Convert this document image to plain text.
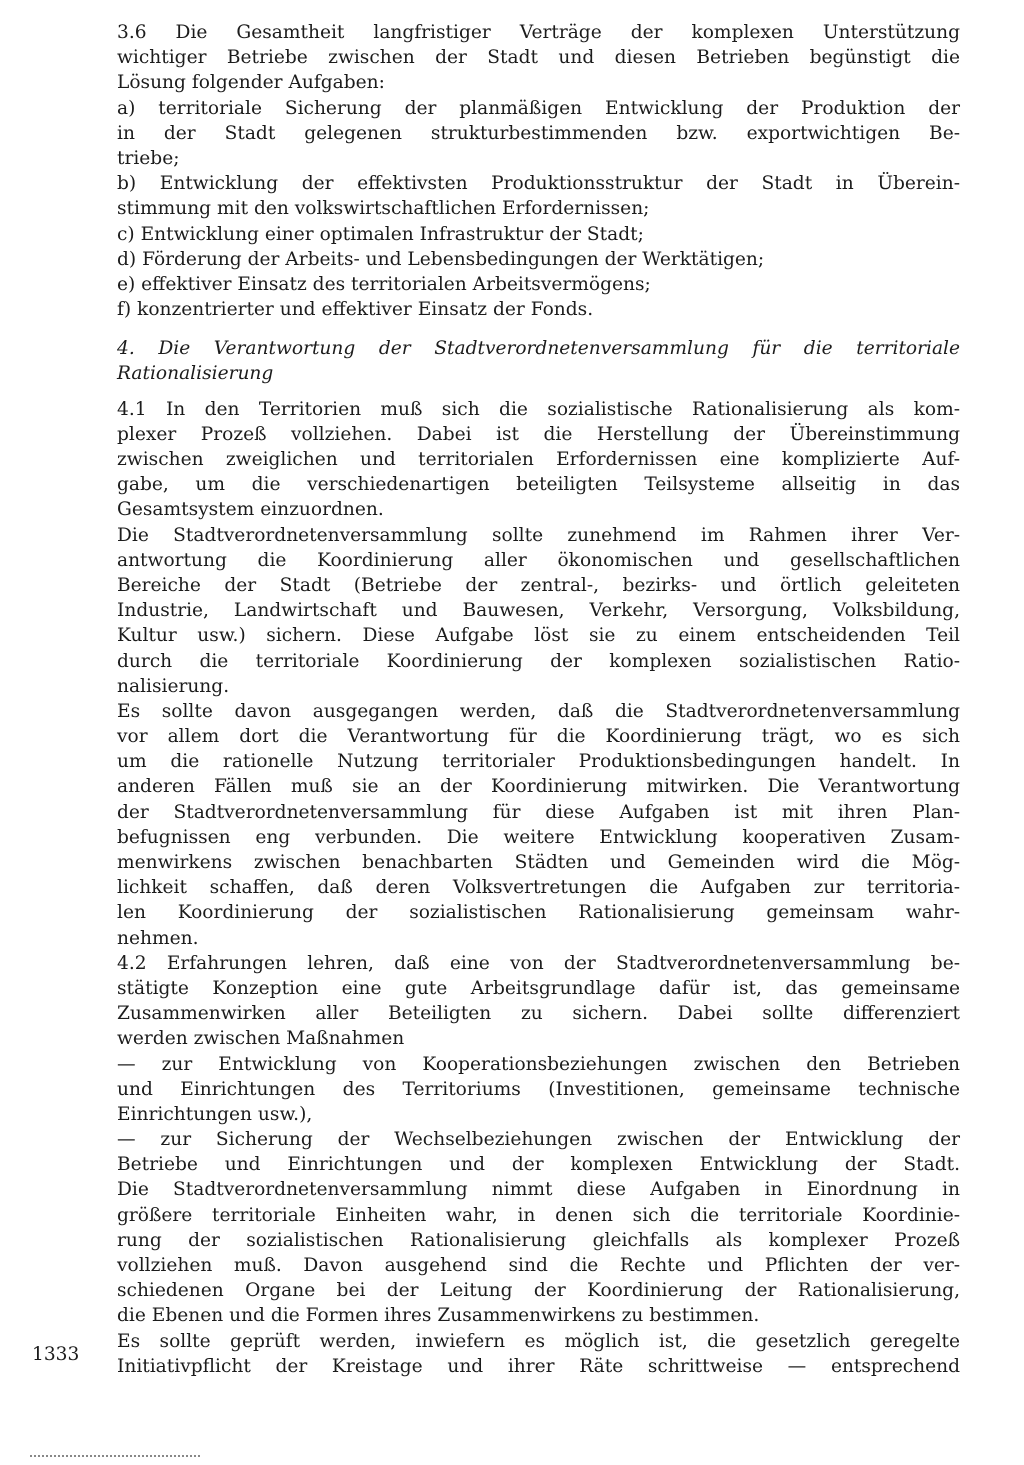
3.6 Die Gesamtheit langfristiger Verträge der komplexen Unterstützung
wichtiger Betriebe zwischen der Stadt und diesen Betrieben begünstigt die
Lösung folgender Aufgaben:
a) territoriale Sicherung der planmäßigen Entwicklung der Produktion der
in der Stadt gelegenen strukturbestimmenden bzw. exportwichtigen Be-
triebe;
b) Entwicklung der effektivsten Produktionsstruktur der Stadt in Überein-
stimmung mit den volkswirtschaftlichen Erfordernissen;
c) Entwicklung einer optimalen Infrastruktur der Stadt;
d) Förderung der Arbeits- und Lebensbedingungen der Werktätigen;
e) effektiver Einsatz des territorialen Arbeitsvermögens;
f) konzentrierter und effektiver Einsatz der Fonds.
4. Die Verantwortung der Stadtverordnetenversammlung für die territoriale
Rationalisierung
4.1 In den Territorien muß sich die sozialistische Rationalisierung als kom-
plexer Prozeß vollziehen. Dabei ist die Herstellung der Übereinstimmung
zwischen zweiglichen und territorialen Erfordernissen eine komplizierte Auf-
gabe, um die verschiedenartigen beteiligten Teilsysteme allseitig in das
Gesamtsystem einzuordnen.
Die Stadtverordnetenversammlung sollte zunehmend im Rahmen ihrer Ver-
antwortung die Koordinierung aller ökonomischen und gesellschaftlichen
Bereiche der Stadt (Betriebe der zentral-, bezirks- und örtlich geleiteten
Industrie, Landwirtschaft und Bauwesen, Verkehr, Versorgung, Volksbildung,
Kultur usw.) sichern. Diese Aufgabe löst sie zu einem entscheidenden Teil
durch die territoriale Koordinierung der komplexen sozialistischen Ratio-
nalisierung.
Es sollte davon ausgegangen werden, daß die Stadtverordnetenversammlung
vor allem dort die Verantwortung für die Koordinierung trägt, wo es sich
um die rationelle Nutzung territorialer Produktionsbedingungen handelt. In
anderen Fällen muß sie an der Koordinierung mitwirken. Die Verantwortung
der Stadtverordnetenversammlung für diese Aufgaben ist mit ihren Plan-
befugnissen eng verbunden. Die weitere Entwicklung kooperativen Zusam-
menwirkens zwischen benachbarten Städten und Gemeinden wird die Mög-
lichkeit schaffen, daß deren Volksvertretungen die Aufgaben zur territoria-
len Koordinierung der sozialistischen Rationalisierung gemeinsam wahr-
nehmen.
4.2 Erfahrungen lehren, daß eine von der Stadtverordnetenversammlung be-
stätigte Konzeption eine gute Arbeitsgrundlage dafür ist, das gemeinsame
Zusammenwirken aller Beteiligten zu sichern. Dabei sollte differenziert
werden zwischen Maßnahmen
— zur Entwicklung von Kooperationsbeziehungen zwischen den Betrieben
und Einrichtungen des Territoriums (Investitionen, gemeinsame technische
Einrichtungen usw.),
— zur Sicherung der Wechselbeziehungen zwischen der Entwicklung der
Betriebe und Einrichtungen und der komplexen Entwicklung der Stadt.
Die Stadtverordnetenversammlung nimmt diese Aufgaben in Einordnung in
größere territoriale Einheiten wahr, in denen sich die territoriale Koordinie-
rung der sozialistischen Rationalisierung gleichfalls als komplexer Prozeß
vollziehen muß. Davon ausgehend sind die Rechte und Pflichten der ver-
schiedenen Organe bei der Leitung der Koordinierung der Rationalisierung,
die Ebenen und die Formen ihres Zusammenwirkens zu bestimmen.
Es sollte geprüft werden, inwiefern es möglich ist, die gesetzlich geregelte
Initiativpflicht der Kreistage und ihrer Räte schrittweise — entsprechend
1333
